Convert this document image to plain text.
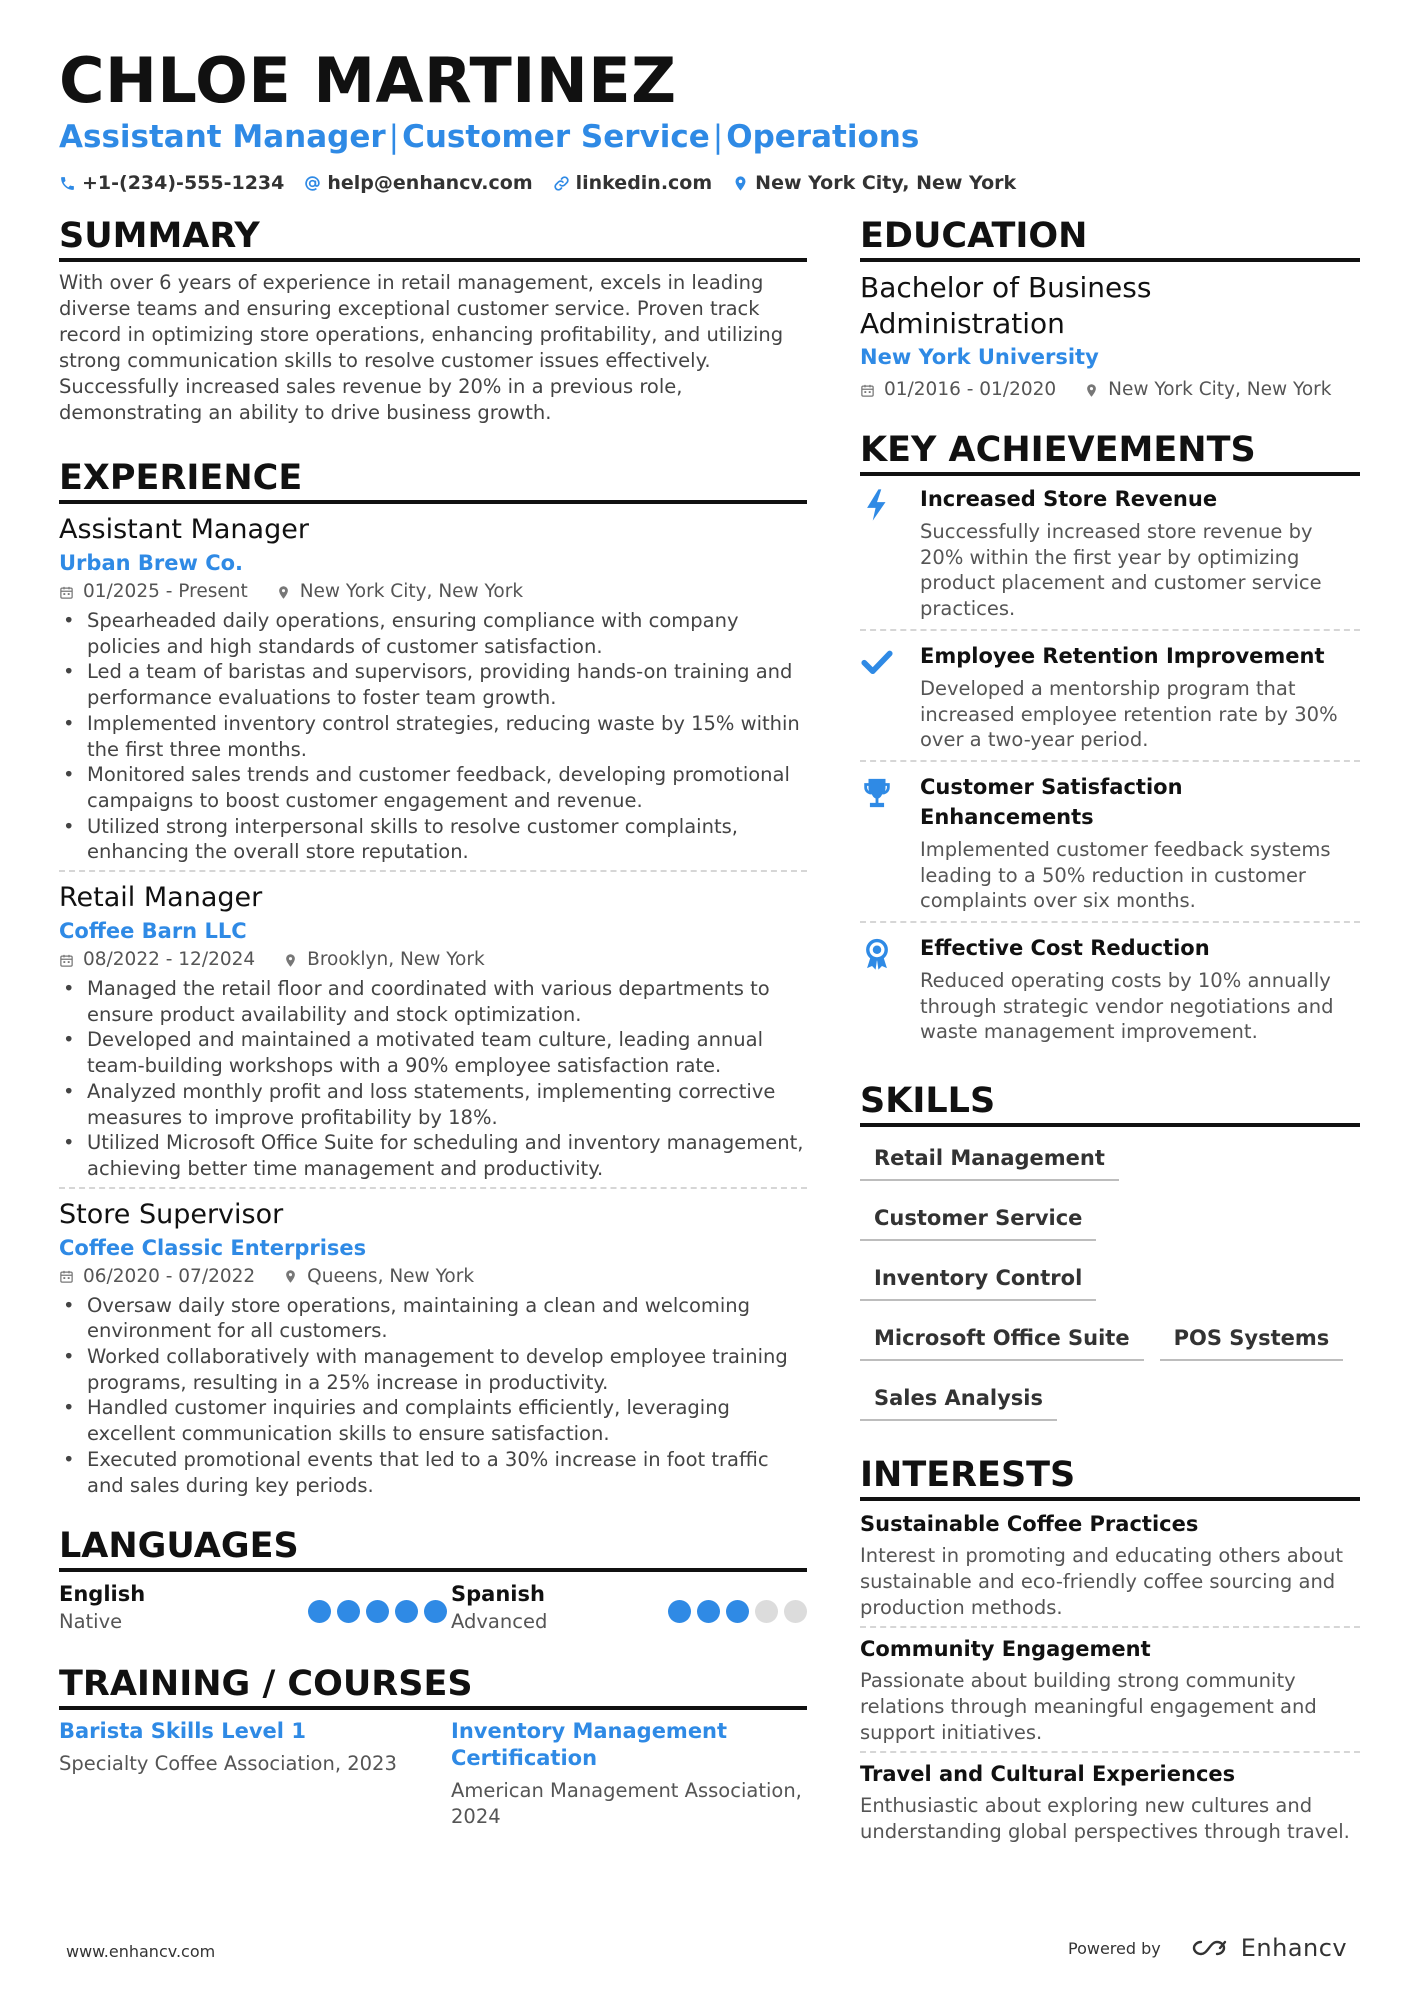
CHLOE MARTINEZ
Assistant Manager|Customer Service|Operations
+1-(234)-555-1234 help@enhancv.com linkedin.com New York City, New York
SUMMARY

With over 6 years of experience in retail management, excels in leading diverse teams and ensuring exceptional customer service. Proven track record in optimizing store operations, enhancing profitability, and utilizing strong communication skills to resolve customer issues effectively. Successfully increased sales revenue by 20% in a previous role, demonstrating an ability to drive business growth.

EXPERIENCE
Assistant Manager
Urban Brew Co.
01/2025 - Present	New York City, New York
• Spearheaded daily operations, ensuring compliance with company policies and high standards of customer satisfaction.
• Led a team of baristas and supervisors, providing hands-on training and performance evaluations to foster team growth.
• Implemented inventory control strategies, reducing waste by 15% within the first three months.
• Monitored sales trends and customer feedback, developing promotional campaigns to boost customer engagement and revenue.
• Utilized strong interpersonal skills to resolve customer complaints, enhancing the overall store reputation.
Retail Manager
Coffee Barn LLC
08/2022 - 12/2024	Brooklyn, New York
• Managed the retail floor and coordinated with various departments to ensure product availability and stock optimization.
• Developed and maintained a motivated team culture, leading annual team-building workshops with a 90% employee satisfaction rate.
• Analyzed monthly profit and loss statements, implementing corrective measures to improve profitability by 18%.
• Utilized Microsoft Office Suite for scheduling and inventory management, achieving better time management and productivity.
Store Supervisor
Coffee Classic Enterprises
06/2020 - 07/2022	Queens, New York
• Oversaw daily store operations, maintaining a clean and welcoming environment for all customers.
• Worked collaboratively with management to develop employee training programs, resulting in a 25% increase in productivity.
• Handled customer inquiries and complaints efficiently, leveraging excellent communication skills to ensure satisfaction.
• Executed promotional events that led to a 30% increase in foot traffic and sales during key periods.
LANGUAGES
English
Native
Spanish
Advanced
TRAINING / COURSES
Barista Skills Level 1
Specialty Coffee Association, 2023
Inventory Management Certification
American Management Association, 2024
EDUCATION
Bachelor of Business Administration
New York University
01/2016 - 01/2020	New York City, New York
KEY ACHIEVEMENTS
Increased Store Revenue
Successfully increased store revenue by 20% within the first year by optimizing product placement and customer service practices.
Employee Retention Improvement
Developed a mentorship program that increased employee retention rate by 30% over a two-year period.
Customer Satisfaction Enhancements
Implemented customer feedback systems leading to a 50% reduction in customer complaints over six months.
Effective Cost Reduction
Reduced operating costs by 10% annually through strategic vendor negotiations and waste management improvement.
SKILLS
Retail Management
Customer Service
Inventory Control
Microsoft Office Suite	POS Systems
Sales Analysis
INTERESTS
Sustainable Coffee Practices
Interest in promoting and educating others about sustainable and eco-friendly coffee sourcing and production methods.
Community Engagement
Passionate about building strong community relations through meaningful engagement and support initiatives.
Travel and Cultural Experiences
Enthusiastic about exploring new cultures and understanding global perspectives through travel.
www.enhancv.com	Powered by	Enhancv
